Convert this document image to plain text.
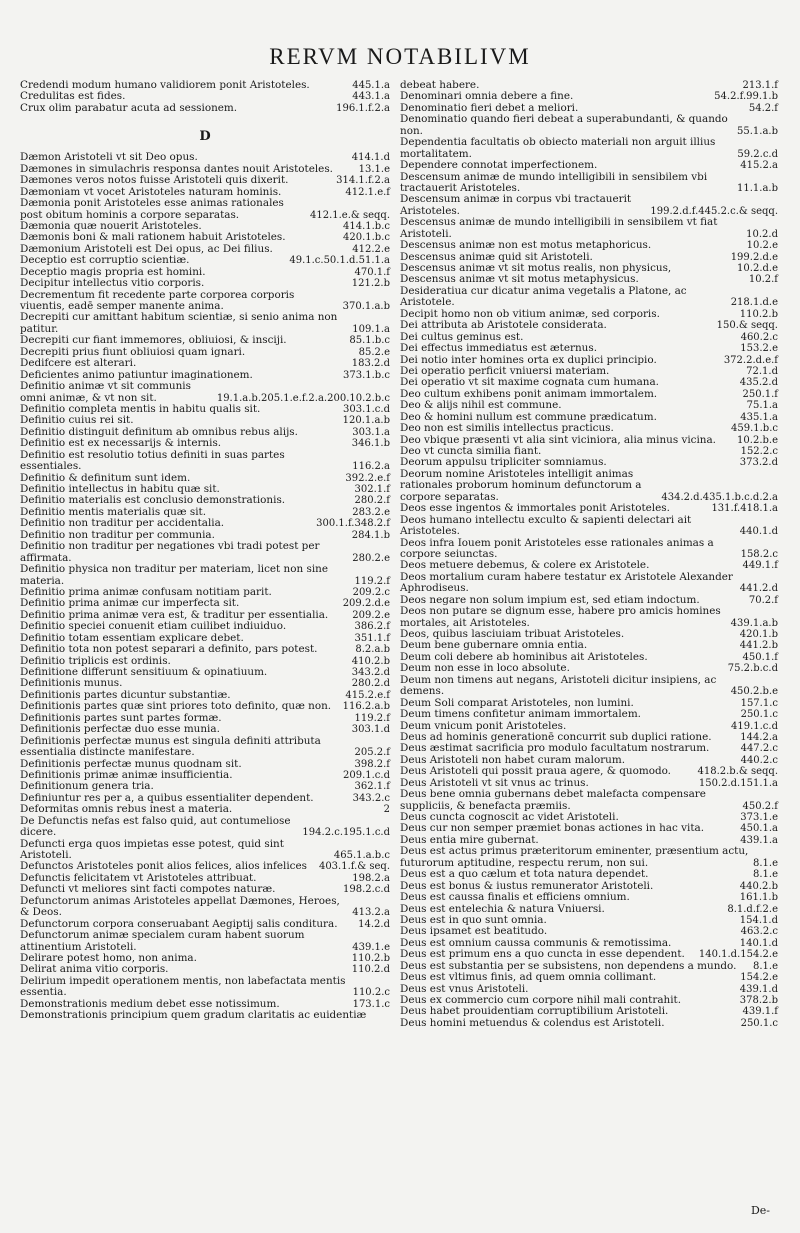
RERVM NOTABILIVM
Credendi modum humano validiorem ponit Aristoteles.	445.1.a
Credulitas est fides.	443.1.a
Crux olim parabatur acuta ad sessionem.	196.1.f.2.a
D
Dæmon Aristoteli vt sit Deo opus.	414.1.d
Dæmones in simulachris responsa dantes nouit Aristoteles.	13.1.e
Dæmones veros notos fuisse Aristoteli quis dixerit.	314.1.f.2.a
Dæmoniam vt vocet Aristoteles naturam hominis.	412.1.e.f
Dæmonia ponit Aristoteles esse animas rationales post obitum hominis a corpore separatas.	412.1.e.& seqq.
Dæmonia quæ nouerit Aristoteles.	414.1.b.c
Dæmonis boni & mali rationem habuit Aristoteles.	420.1.b.c
Dæmonium Aristoteli est Dei opus, ac Dei filius.	412.2.e
Deceptio est corruptio scientiæ.	49.1.c.50.1.d.51.1.a
Deceptio magis propria est homini.	470.1.f
Decipitur intellectus vitio corporis.	121.2.b
Decrementum fit recedente parte corporea corporis viuentis, eadē semper manente anima.	370.1.a.b
Decrepiti cur amittant habitum scientiæ, si senio anima non patitur.	109.1.a
Decrepiti cur fiant immemores, obliuiosi, & insciji.	85.1.b.c
Decrepiti prius fiunt obliuiosi quam ignari.	85.2.e
Dedifcere est alterari.	183.2.d
Deficientes animo patiuntur imaginationem.	373.1.b.c
Definitio animæ vt sit communis omni animæ, & vt non sit.	19.1.a.b.205.1.e.f.2.a.200.10.2.b.c
Definitio completa mentis in habitu qualis sit.	303.1.c.d
Definitio cuius rei sit.	120.1.a.b
Definitio distinguit definitum ab omnibus rebus alijs.	303.1.a
Definitio est ex necessarijs & internis.	346.1.b
Definitio est resolutio totius definiti in suas partes essentiales.	116.2.a
Definitio & definitum sunt idem.	392.2.e.f
Definitio intellectus in habitu quæ sit.	302.1.f
Definitio materialis est conclusio demonstrationis.	280.2.f
Definitio mentis materialis quæ sit.	283.2.e
Definitio non traditur per accidentalia.	300.1.f.348.2.f
Definitio non traditur per communia.	284.1.b
Definitio non traditur per negationes vbi tradi potest per affirmata.	280.2.e
Definitio physica non traditur per materiam, licet non sine materia.	119.2.f
Definitio prima animæ confusam notitiam parit.	209.2.c
Definitio prima animæ cur imperfecta sit.	209.2.d.e
Definitio prima animæ vera est, & traditur per essentialia.	209.2.e
Definitio speciei conuenit etiam cuilibet indiuiduo.	386.2.f
Definitio totam essentiam explicare debet.	351.1.f
Definitio tota non potest separari a definito, pars potest.	8.2.a.b
Definitio triplicis est ordinis.	410.2.b
Definitione differunt sensitiuum & opinatiuum.	343.2.d
Definitionis munus.	280.2.d
Definitionis partes dicuntur substantiæ.	415.2.e.f
Definitionis partes quæ sint priores toto definito, quæ non.	116.2.a.b
Definitionis partes sunt partes formæ.	119.2.f
Definitionis perfectæ duo esse munia.	303.1.d
Definitionis perfectæ munus est singula definiti attributa essentialia distincte manifestare.	205.2.f
Definitionis perfectæ munus quodnam sit.	398.2.f
Definitionis primæ animæ insufficientia.	209.1.c.d
Definitionum genera tria.	362.1.f
Definiuntur res per a, a quibus essentialiter dependent.	343.2.c
Deformitas omnis rebus inest a materia.	2
De Defunctis nefas est falso quid, aut contumeliose dicere.	194.2.c.195.1.c.d
Defuncti erga quos impietas esse potest, quid sint Aristoteli.	465.1.a.b.c
Defunctos Aristoteles ponit alios felices, alios infelices	403.1.f.& seq.
Defunctis felicitatem vt Aristoteles attribuat.	198.2.a
Defuncti vt meliores sint facti compotes naturæ.	198.2.c.d
Defunctorum animas Aristoteles appellat Dæmones, Heroes, & Deos.	413.2.a
Defunctorum corpora conseruabant Aegiptij salis conditura.	14.2.d
Defunctorum animæ specialem curam habent suorum attinentium Aristoteli.	439.1.e
Delirare potest homo, non anima.	110.2.b
Delirat anima vitio corporis.	110.2.d
Delirium impedit operationem mentis, non labefactata mentis essentia.	110.2.c
Demonstrationis medium debet esse notissimum.	173.1.c
Demonstrationis principium quem gradum claritatis ac euidentiæ
debeat habere.	213.1.f
Denominari omnia debere a fine.	54.2.f.99.1.b
Denominatio fieri debet a meliori.	54.2.f
Denominatio quando fieri debeat a superabundanti, & quando non.	55.1.a.b
Dependentia facultatis ob obiecto materiali non arguit illius mortalitatem.	59.2.c.d
Dependere connotat imperfectionem.	415.2.a
Descensum animæ de mundo intelligibili in sensibilem vbi tractauerit Aristoteles.	11.1.a.b
Descensum animæ in corpus vbi tractauerit Aristoteles.	199.2.d.f.445.2.c.& seqq.
Descensus animæ de mundo intelligibili in sensibilem vt fiat Aristoteli.	10.2.d
Descensus animæ non est motus metaphoricus.	10.2.e
Descensus animæ quid sit Aristoteli.	199.2.d.e
Descensus animæ vt sit motus realis, non physicus,	10.2.d.e
Descensus animæ vt sit motus metaphysicus.	10.2.f
Desideratiua cur dicatur anima vegetalis a Platone, ac Aristotele.	218.1.d.e
Decipit homo non ob vitium animæ, sed corporis.	110.2.b
Dei attributa ab Aristotele considerata.	150.& seqq.
Dei cultus geminus est.	460.2.c
Dei effectus immediatus est æternus.	153.2.e
Dei notio inter homines orta ex duplici principio.	372.2.d.e.f
Dei operatio perficit vniuersi materiam.	72.1.d
Dei operatio vt sit maxime cognata cum humana.	435.2.d
Deo cultum exhibens ponit animam immortalem.	250.1.f
Deo & alijs nihil est commune.	75.1.a
Deo & homini nullum est commune prædicatum.	435.1.a
Deo non est similis intellectus practicus.	459.1.b.c
Deo vbique præsenti vt alia sint viciniora, alia minus vicina.	10.2.b.e
Deo vt cuncta similia fiant.	152.2.c
Deorum appulsu tripliciter somniamus.	373.2.d
Deorum nomine Aristoteles intelligit animas rationales proborum hominum defunctorum a corpore separatas.	434.2.d.435.1.b.c.d.2.a
Deos esse ingentos & immortales ponit Aristoteles.	131.f.418.1.a
Deos humano intellectu exculto & sapienti delectari ait Aristoteles.	440.1.d
Deos infra Iouem ponit Aristoteles esse rationales animas a corpore seiunctas.	158.2.c
Deos metuere debemus, & colere ex Aristotele.	449.1.f
Deos mortalium curam habere testatur ex Aristotele Alexander Aphrodiseus.	441.2.d
Deos negare non solum impium est, sed etiam indoctum.	70.2.f
Deos non putare se dignum esse, habere pro amicis homines mortales, ait Aristoteles.	439.1.a.b
Deos, quibus lasciuiam tribuat Aristoteles.	420.1.b
Deum bene gubernare omnia entia.	441.2.b
Deum coli debere ab hominibus ait Aristoteles.	450.1.f
Deum non esse in loco absolute.	75.2.b.c.d
Deum non timens aut negans, Aristoteli dicitur insipiens, ac demens.	450.2.b.e
Deum Soli comparat Aristoteles, non lumini.	157.1.c
Deum timens confitetur animam immortalem.	250.1.c
Deum vnicum ponit Aristoteles.	419.1.c.d
Deus ad hominis generationē concurrit sub duplici ratione.	144.2.a
Deus æstimat sacrificia pro modulo facultatum nostrarum.	447.2.c
Deus Aristoteli non habet curam malorum.	440.2.c
Deus Aristoteli qui possit praua agere, & quomodo.	418.2.b.& seqq.
Deus Aristoteli vt sit vnus ac trinus.	150.2.d.151.1.a
Deus bene omnia gubernans debet malefacta compensare suppliciis, & benefacta præmiis.	450.2.f
Deus cuncta cognoscit ac videt Aristoteli.	373.1.e
Deus cur non semper præmiet bonas actiones in hac vita.	450.1.a
Deus entia mire gubernat.	439.1.a
Deus est actus primus præteritorum eminenter, præsentium actu, futurorum aptitudine, respectu rerum, non sui.	8.1.e
Deus est a quo cælum et tota natura dependet.	8.1.e
Deus est bonus & iustus remunerator Aristoteli.	440.2.b
Deus est caussa finalis et efficiens omnium.	161.1.b
Deus est entelechia & natura Vniuersi.	8.1.d.f.2.e
Deus est in quo sunt omnia.	154.1.d
Deus ipsamet est beatitudo.	463.2.c
Deus est omnium caussa communis & remotissima.	140.1.d
Deus est primum ens a quo cuncta in esse dependent.	140.1.d.154.2.e
Deus est substantia per se subsistens, non dependens a mundo.	8.1.e
Deus est vltimus finis, ad quem omnia collimant.	154.2.e
Deus est vnus Aristoteli.	439.1.d
Deus ex commercio cum corpore nihil mali contrahit.	378.2.b
Deus habet prouidentiam corruptibilium Aristoteli.	439.1.f
Deus homini metuendus & colendus est Aristoteli.	250.1.c
De-
